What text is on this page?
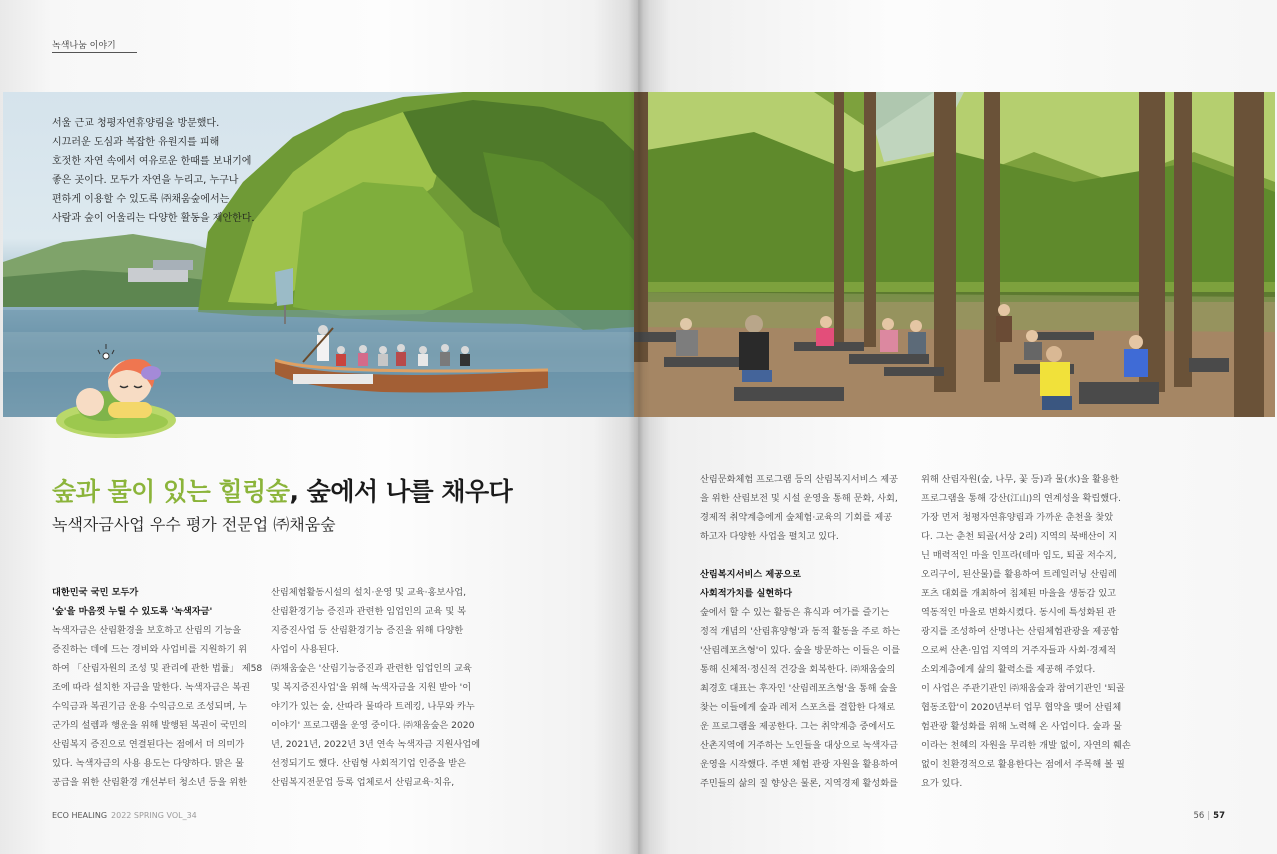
녹색나눔 이야기
서울 근교 청평자연휴양림을 방문했다.
시끄러운 도심과 복잡한 유원지를 피해
호젓한 자연 속에서 여유로운 한때를 보내기에
좋은 곳이다. 모두가 자연을 누리고, 누구나
편하게 이용할 수 있도록 ㈜채움숲에서는
사람과 숲이 어울리는 다양한 활동을 제안한다.
숲과 물이 있는 힐링숲, 숲에서 나를 채우다
녹색자금사업 우수 평가 전문업 ㈜채움숲
대한민국 국민 모두가
'숲'을 마음껏 누릴 수 있도록 '녹색자금'
녹색자금은 산림환경을 보호하고 산림의 기능을
증진하는 데에 드는 경비와 사업비를 지원하기 위
하여 「산림자원의 조성 및 관리에 관한 법률」 제58
조에 따라 설치한 자금을 말한다. 녹색자금은 복권
수익금과 복권기금 운용 수익금으로 조성되며, 누
군가의 설렘과 행운을 위해 발행된 복권이 국민의
산림복지 증진으로 연결된다는 점에서 더 의미가
있다. 녹색자금의 사용 용도는 다양하다. 맑은 물
공급을 위한 산림환경 개선부터 청소년 등을 위한
산림체험활동시설의 설치·운영 및 교육·홍보사업,
산림환경기능 증진과 관련한 임업인의 교육 및 복
지증진사업 등 산림환경기능 증진을 위해 다양한
사업이 사용된다.
㈜채움숲은 '산림기능증진과 관련한 임업인의 교육
및 복지증진사업'을 위해 녹색자금을 지원 받아 '이
야기가 있는 숲, 산따라 물따라 트레킹, 나무와 카누
이야기' 프로그램을 운영 중이다. ㈜채움숲은 2020
년, 2021년, 2022년 3년 연속 녹색자금 지원사업에
선정되기도 했다. 산림형 사회적기업 인증을 받은
산림복지전문업 등록 업체로서 산림교육·치유,
산림문화체험 프로그램 등의 산림복지서비스 제공
을 위한 산림보전 및 시설 운영을 통해 문화, 사회,
경제적 취약계층에게 숲체험·교육의 기회를 제공
하고자 다양한 사업을 펼치고 있다.
산림복지서비스 제공으로
사회적가치를 실현하다
숲에서 할 수 있는 활동은 휴식과 여가를 즐기는
정적 개념의 '산림휴양형'과 동적 활동을 주로 하는
'산림레포츠형'이 있다. 숲을 방문하는 이들은 이를
통해 신체적·정신적 건강을 회복한다. ㈜채움숲의
최경호 대표는 후자인 '산림레포츠형'을 통해 숲을
찾는 이들에게 숲과 레저 스포츠를 결합한 다채로
운 프로그램을 제공한다. 그는 취약계층 중에서도
산촌지역에 거주하는 노인들을 대상으로 녹색자금
운영을 시작했다. 주변 체험 관광 자원을 활용하여
주민들의 삶의 질 향상은 물론, 지역경제 활성화를
위해 산림자원(숲, 나무, 꽃 등)과 물(水)을 활용한
프로그램을 통해 강산(江山)의 연계성을 확립했다.
가장 먼저 청평자연휴양림과 가까운 춘천을 찾았
다. 그는 춘천 퇴골(서상 2리) 지역의 북배산이 지
닌 매력적인 마을 인프라(테마 임도, 퇴골 저수지,
오리구이, 된산물)를 활용하여 트레일러닝 산림레
포츠 대회를 개최하여 침체된 마을을 생동감 있고
역동적인 마을로 변화시켰다. 동시에 특성화된 관
광지를 조성하여 산명나는 산림체험관광을 제공함
으로써 산촌·임업 지역의 거주자들과 사회·경제적
소외계층에게 삶의 활력소를 제공해 주었다.
이 사업은 주관기관인 ㈜채움숲과 참여기관인 '퇴골
협동조합'이 2020년부터 업무 협약을 맺어 산림체
험관광 활성화를 위해 노력해 온 사업이다. 숲과 물
이라는 천혜의 자원을 무리한 개발 없이, 자연의 훼손
없이 친환경적으로 활용한다는 점에서 주목해 볼 필
요가 있다.
ECO HEALING 2022 SPRING VOL_34	56 | 57
